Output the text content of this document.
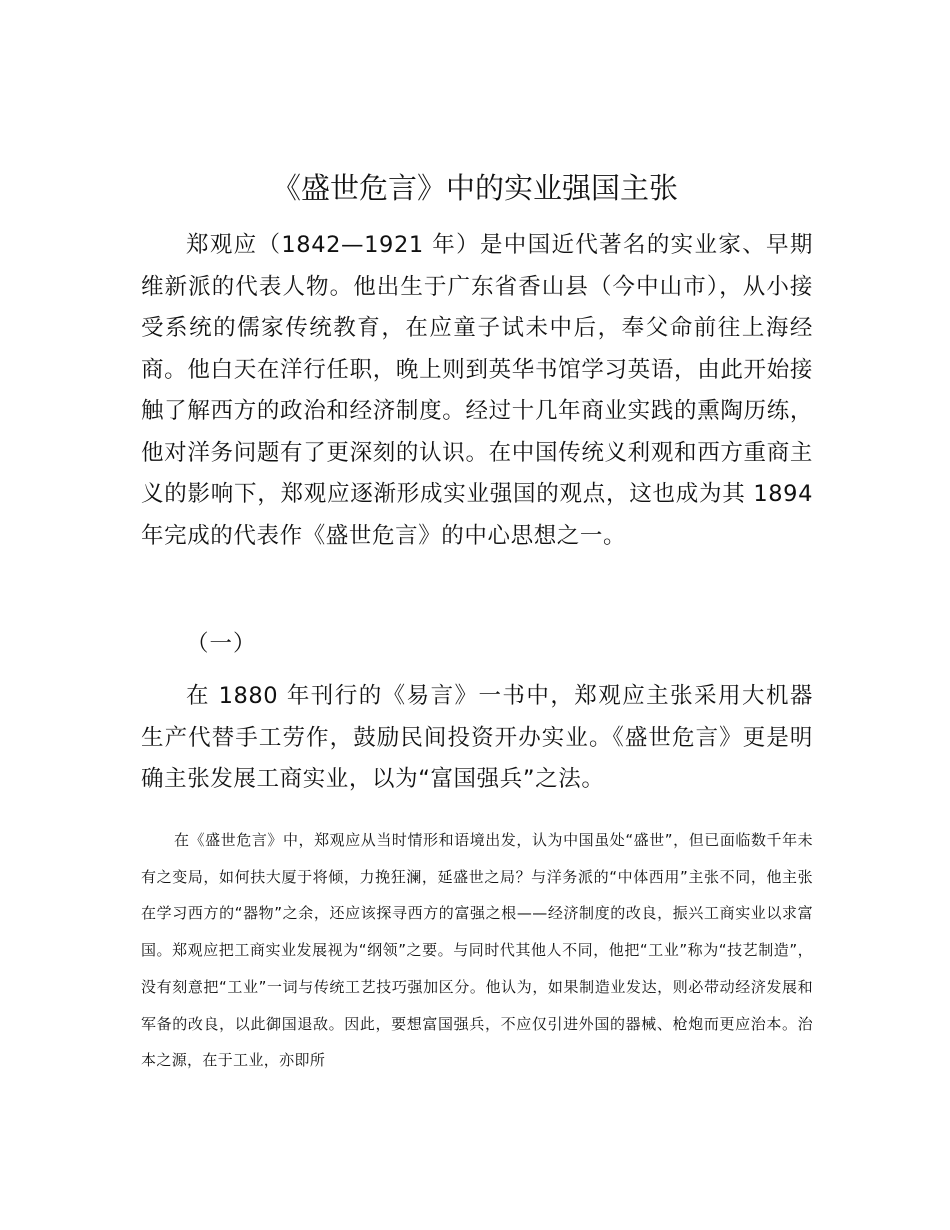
《盛世危言》中的实业强国主张

郑观应（1842—1921 年）是中国近代著名的实业家、早期维新派的代表人物。他出生于广东省香山县（今中山市），从小接受系统的儒家传统教育，在应童子试未中后，奉父命前往上海经商。他白天在洋行任职，晚上则到英华书馆学习英语，由此开始接触了解西方的政治和经济制度。经过十几年商业实践的熏陶历练，他对洋务问题有了更深刻的认识。在中国传统义利观和西方重商主义的影响下，郑观应逐渐形成实业强国的观点，这也成为其 1894 年完成的代表作《盛世危言》的中心思想之一。

（一）

在 1880 年刊行的《易言》一书中，郑观应主张采用大机器生产代替手工劳作，鼓励民间投资开办实业。《盛世危言》更是明确主张发展工商实业，以为“富国强兵”之法。

在《盛世危言》中，郑观应从当时情形和语境出发，认为中国虽处“盛世”，但已面临数千年未有之变局，如何扶大厦于将倾，力挽狂澜，延盛世之局？与洋务派的“中体西用”主张不同，他主张在学习西方的“器物”之余，还应该探寻西方的富强之根——经济制度的改良，振兴工商实业以求富国。郑观应把工商实业发展视为“纲领”之要。与同时代其他人不同，他把“工业”称为“技艺制造”，没有刻意把“工业”一词与传统工艺技巧强加区分。他认为，如果制造业发达，则必带动经济发展和军备的改良，以此御国退敌。因此，要想富国强兵，不应仅引进外国的器械、枪炮而更应治本。治本之源，在于工业，亦即所
